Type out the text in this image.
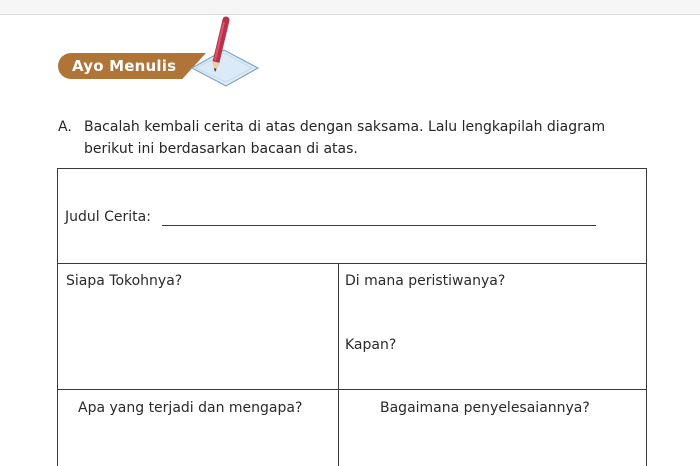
Ayo Menulis
A. Bacalah kembali cerita di atas dengan saksama. Lalu lengkapilah diagram
berikut ini berdasarkan bacaan di atas.
Judul Cerita:
Siapa Tokohnya?	Di mana peristiwanya?
Kapan?
Apa yang terjadi dan mengapa?	Bagaimana penyelesaiannya?
